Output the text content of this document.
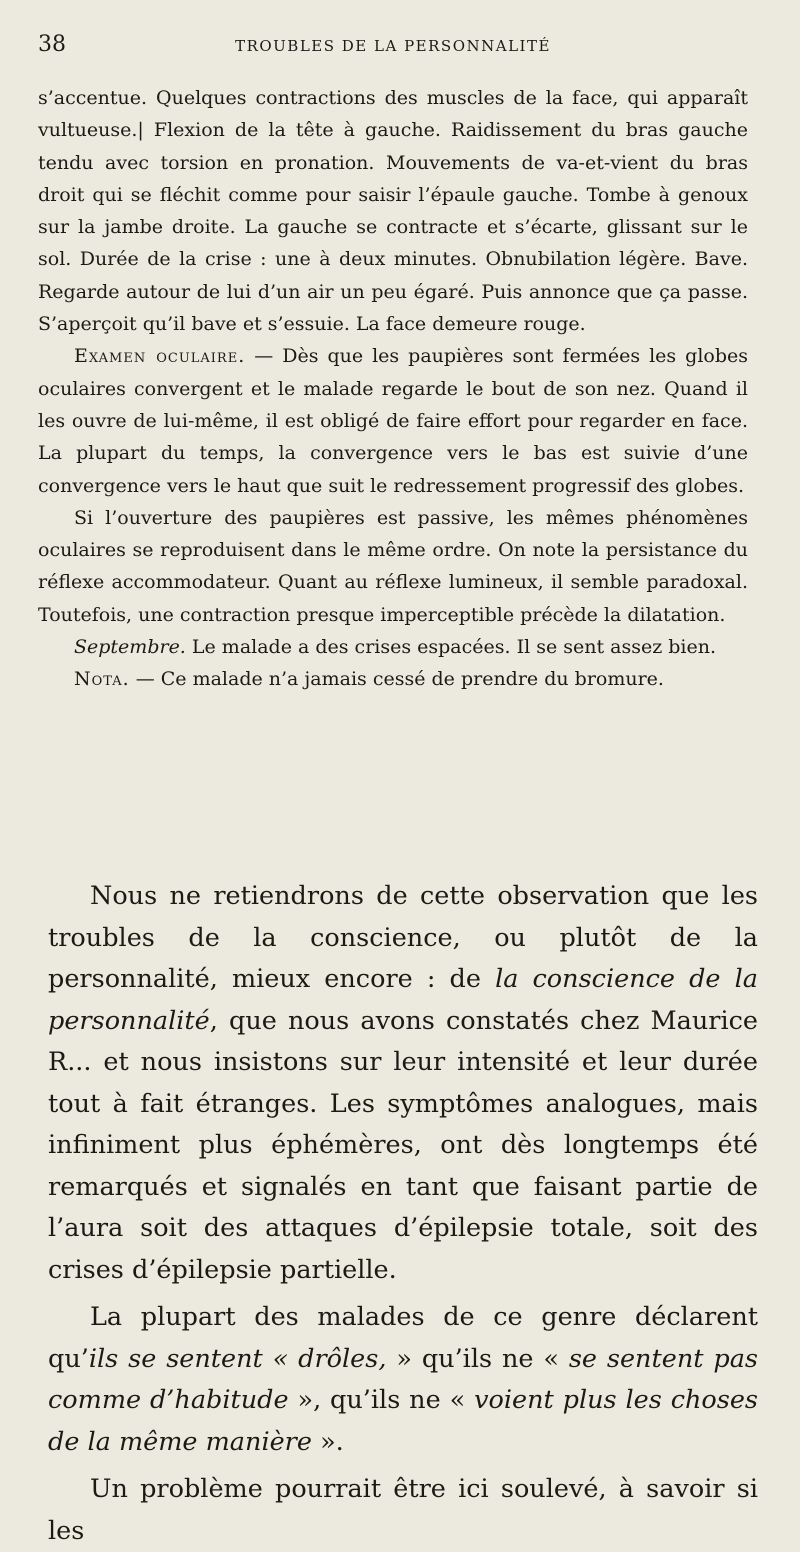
38	TROUBLES DE LA PERSONNALITÉ

s’accentue. Quelques contractions des muscles de la face, qui apparaît vultueuse.| Flexion de la tête à gauche. Raidissement du bras gauche tendu avec torsion en pronation. Mouvements de va-et-vient du bras droit qui se fléchit comme pour saisir l’épaule gauche. Tombe à genoux sur la jambe droite. La gauche se contracte et s’écarte, glissant sur le sol. Durée de la crise : une à deux minutes. Obnubilation légère. Bave. Regarde autour de lui d’un air un peu égaré. Puis annonce que ça passe. S’aperçoit qu’il bave et s’essuie. La face demeure rouge.

Examen oculaire. — Dès que les paupières sont fermées les globes oculaires convergent et le malade regarde le bout de son nez. Quand il les ouvre de lui-même, il est obligé de faire effort pour regarder en face. La plupart du temps, la convergence vers le bas est suivie d’une convergence vers le haut que suit le redressement progressif des globes.

Si l’ouverture des paupières est passive, les mêmes phénomènes oculaires se reproduisent dans le même ordre. On note la persistance du réflexe accommodateur. Quant au réflexe lumineux, il semble paradoxal. Toutefois, une contraction presque imperceptible précède la dilatation.

Septembre. Le malade a des crises espacées. Il se sent assez bien.

Nota. — Ce malade n’a jamais cessé de prendre du bromure.

Nous ne retiendrons de cette observation que les troubles de la conscience, ou plutôt de la personnalité, mieux encore : de la conscience de la personnalité, que nous avons constatés chez Maurice R... et nous insistons sur leur intensité et leur durée tout à fait étranges. Les symptômes analogues, mais infiniment plus éphémères, ont dès longtemps été remarqués et signalés en tant que faisant partie de l’aura soit des attaques d’épilepsie totale, soit des crises d’épilepsie partielle.

La plupart des malades de ce genre déclarent qu’ils se sentent « drôles, » qu’ils ne « se sentent pas comme d’habitude », qu’ils ne « voient plus les choses de la même manière ».

Un problème pourrait être ici soulevé, à savoir si les
